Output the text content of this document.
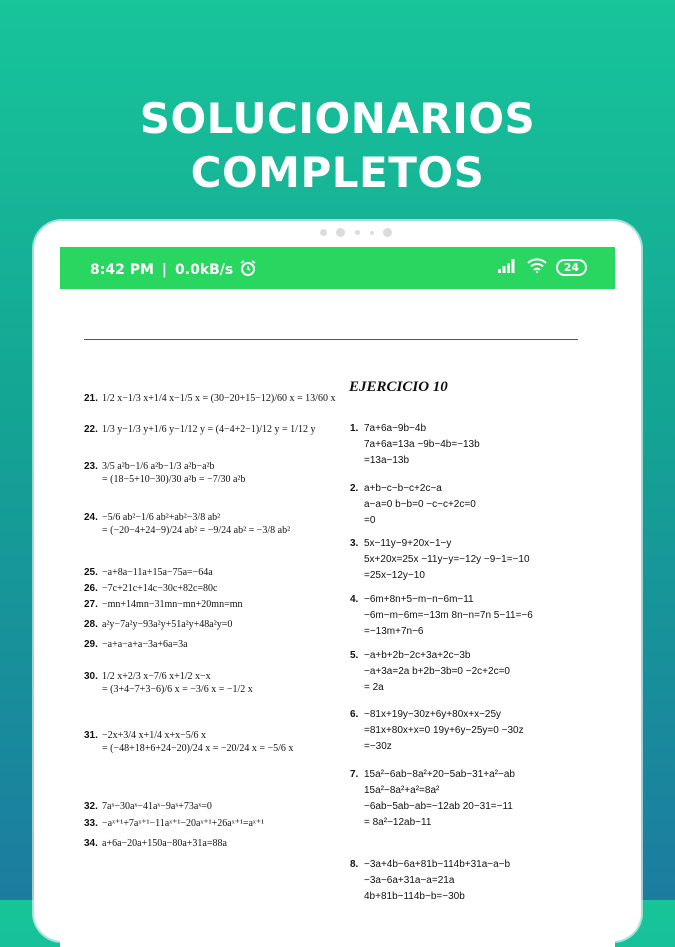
SOLUCIONARIOS
COMPLETOS
8:42 PM | 0.0kB/s	24
21. 1/2 x−1/3 x+1/4 x−1/5 x = (30−20+15−12)/60 x = 13/60 x
22. 1/3 y−1/3 y+1/6 y−1/12 y = (4−4+2−1)/12 y = 1/12 y
23. 3/5 a²b−1/6 a²b−1/3 a²b−a²b
= (18−5+10−30)/30 a²b = −7/30 a²b
24. −5/6 ab²−1/6 ab²+ab²−3/8 ab²
= (−20−4+24−9)/24 ab² = −9/24 ab² = −3/8 ab²
25. −a+8a−11a+15a−75a=−64a
26. −7c+21c+14c−30c+82c=80c
27. −mn+14mn−31mn−mn+20mn=mn
28. a²y−7a²y−93a²y+51a²y+48a²y=0
29. −a+a−a+a−3a+6a=3a
30. 1/2 x+2/3 x−7/6 x+1/2 x−x
= (3+4−7+3−6)/6 x = −3/6 x = −1/2 x
31. −2x+3/4 x+1/4 x+x−5/6 x
= (−48+18+6+24−20)/24 x = −20/24 x = −5/6 x
32. 7aˣ−30aˣ−41aˣ−9aˣ+73aˣ=0
33. −aˣ⁺¹+7aˣ⁺¹−11aˣ⁺¹−20aˣ⁺¹+26aˣ⁺¹=aˣ⁺¹
34. a+6a−20a+150a−80a+31a=88a
EJERCICIO 10
1. 7a+6a−9b−4b
7a+6a=13a −9b−4b=−13b
=13a−13b
2. a+b−c−b−c+2c−a
a−a=0 b−b=0 −c−c+2c=0
=0
3. 5x−11y−9+20x−1−y
5x+20x=25x −11y−y=−12y −9−1=−10
=25x−12y−10
4. −6m+8n+5−m−n−6m−11
−6m−m−6m=−13m 8n−n=7n 5−11=−6
=−13m+7n−6
5. −a+b+2b−2c+3a+2c−3b
−a+3a=2a b+2b−3b=0 −2c+2c=0
= 2a
6. −81x+19y−30z+6y+80x+x−25y
=81x+80x+x=0 19y+6y−25y=0 −30z
=−30z
7. 15a²−6ab−8a²+20−5ab−31+a²−ab
15a²−8a²+a²=8a²
−6ab−5ab−ab=−12ab 20−31=−11
= 8a²−12ab−11
8. −3a+4b−6a+81b−114b+31a−a−b
−3a−6a+31a−a=21a
4b+81b−114b−b=−30b
